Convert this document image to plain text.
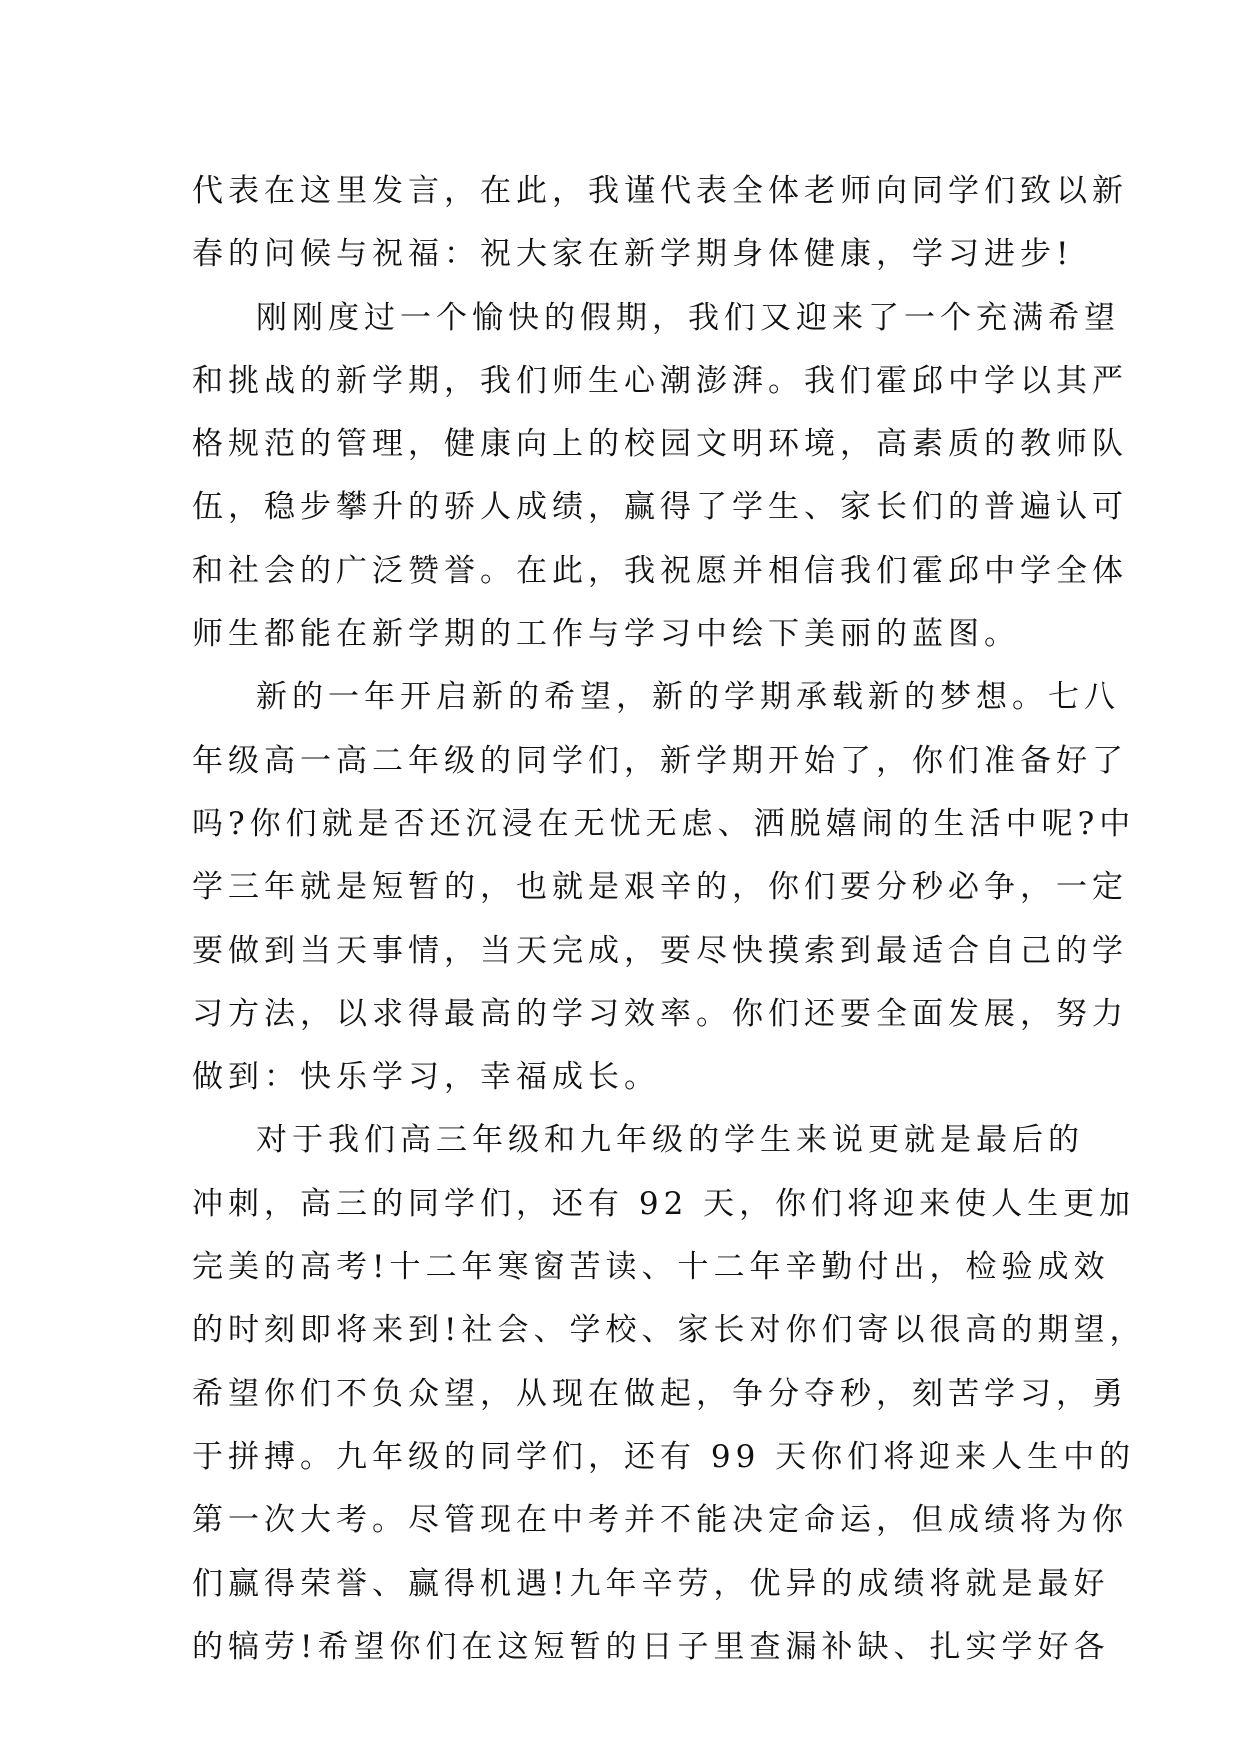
代表在这里发言，在此，我谨代表全体老师向同学们致以新
春的问候与祝福：祝大家在新学期身体健康，学习进步!
刚刚度过一个愉快的假期，我们又迎来了一个充满希望
和挑战的新学期，我们师生心潮澎湃。我们霍邱中学以其严
格规范的管理，健康向上的校园文明环境，高素质的教师队
伍，稳步攀升的骄人成绩，赢得了学生、家长们的普遍认可
和社会的广泛赞誉。在此，我祝愿并相信我们霍邱中学全体
师生都能在新学期的工作与学习中绘下美丽的蓝图。
新的一年开启新的希望，新的学期承载新的梦想。七八
年级高一高二年级的同学们，新学期开始了，你们准备好了
吗?你们就是否还沉浸在无忧无虑、洒脱嬉闹的生活中呢?中
学三年就是短暂的，也就是艰辛的，你们要分秒必争，一定
要做到当天事情，当天完成，要尽快摸索到最适合自己的学
习方法，以求得最高的学习效率。你们还要全面发展，努力
做到：快乐学习，幸福成长。
对于我们高三年级和九年级的学生来说更就是最后的
冲刺，高三的同学们，还有 92 天，你们将迎来使人生更加
完美的高考!十二年寒窗苦读、十二年辛勤付出，检验成效
的时刻即将来到!社会、学校、家长对你们寄以很高的期望，
希望你们不负众望，从现在做起，争分夺秒，刻苦学习，勇
于拼搏。九年级的同学们，还有 99 天你们将迎来人生中的
第一次大考。尽管现在中考并不能决定命运，但成绩将为你
们赢得荣誉、赢得机遇!九年辛劳，优异的成绩将就是最好
的犒劳!希望你们在这短暂的日子里查漏补缺、扎实学好各
